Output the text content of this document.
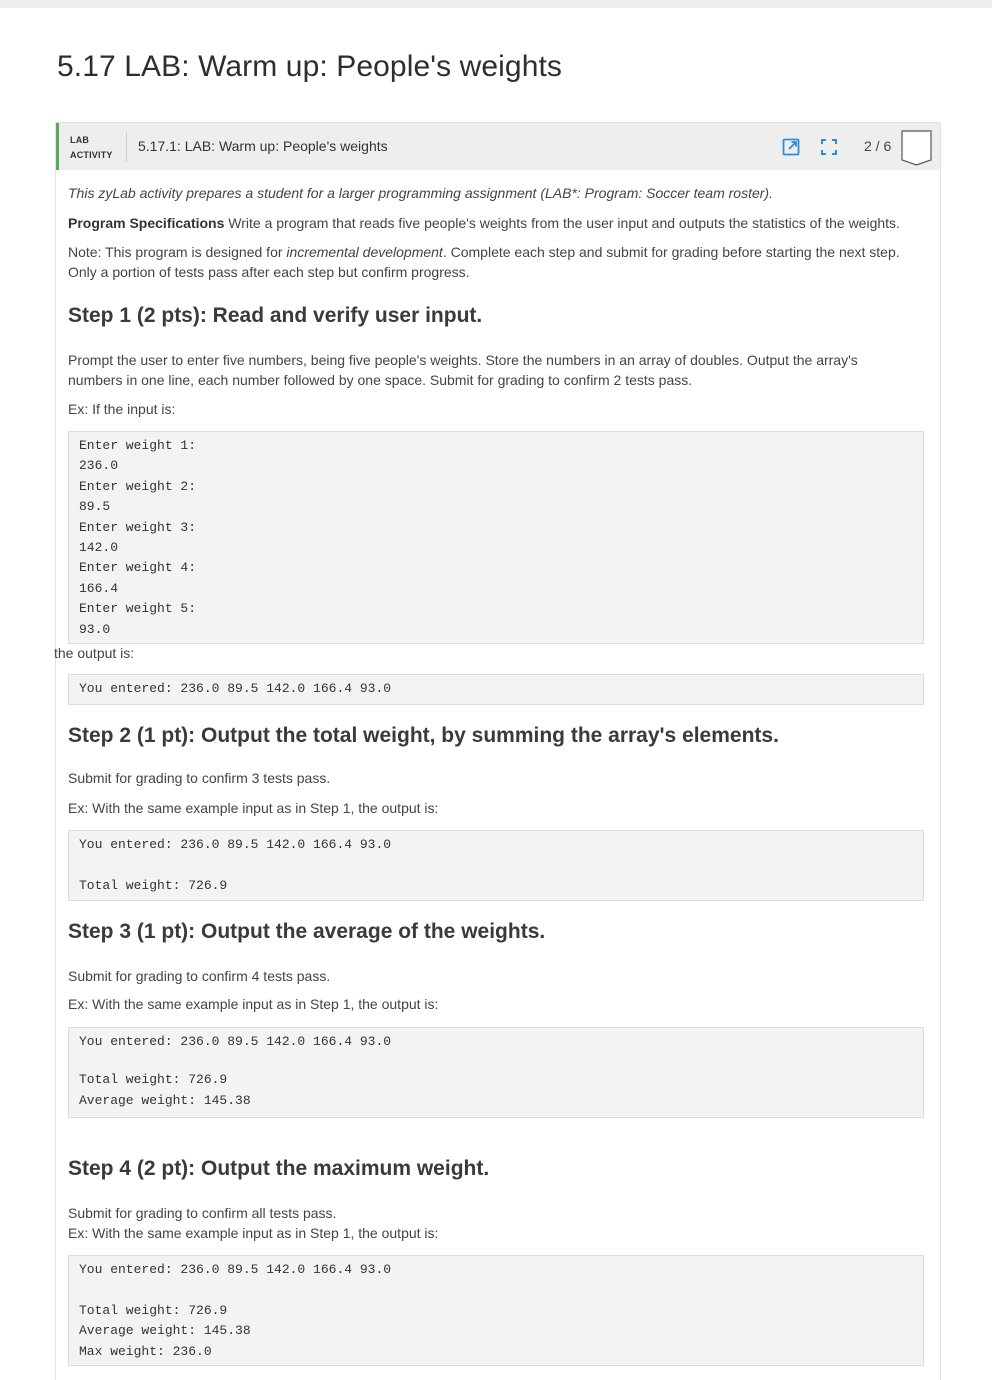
5.17 LAB: Warm up: People's weights
LAB
ACTIVITY
5.17.1: LAB: Warm up: People's weights	2 / 6
This zyLab activity prepares a student for a larger programming assignment (LAB*: Program: Soccer team roster).
Program Specifications Write a program that reads five people's weights from the user input and outputs the statistics of the weights.
Note: This program is designed for incremental development. Complete each step and submit for grading before starting the next step.
Only a portion of tests pass after each step but confirm progress.
Step 1 (2 pts): Read and verify user input.
Prompt the user to enter five numbers, being five people's weights. Store the numbers in an array of doubles. Output the array's
numbers in one line, each number followed by one space. Submit for grading to confirm 2 tests pass.
Ex: If the input is:
Enter weight 1:
236.0
Enter weight 2:
89.5
Enter weight 3:
142.0
Enter weight 4:
166.4
Enter weight 5:
93.0
the output is:
You entered: 236.0 89.5 142.0 166.4 93.0
Step 2 (1 pt): Output the total weight, by summing the array's elements.
Submit for grading to confirm 3 tests pass.
Ex: With the same example input as in Step 1, the output is:
You entered: 236.0 89.5 142.0 166.4 93.0
Total weight: 726.9
Step 3 (1 pt): Output the average of the weights.
Submit for grading to confirm 4 tests pass.
Ex: With the same example input as in Step 1, the output is:
You entered: 236.0 89.5 142.0 166.4 93.0
Total weight: 726.9
Average weight: 145.38
Step 4 (2 pt): Output the maximum weight.
Submit for grading to confirm all tests pass.
Ex: With the same example input as in Step 1, the output is:
You entered: 236.0 89.5 142.0 166.4 93.0
Total weight: 726.9
Average weight: 145.38
Max weight: 236.0
